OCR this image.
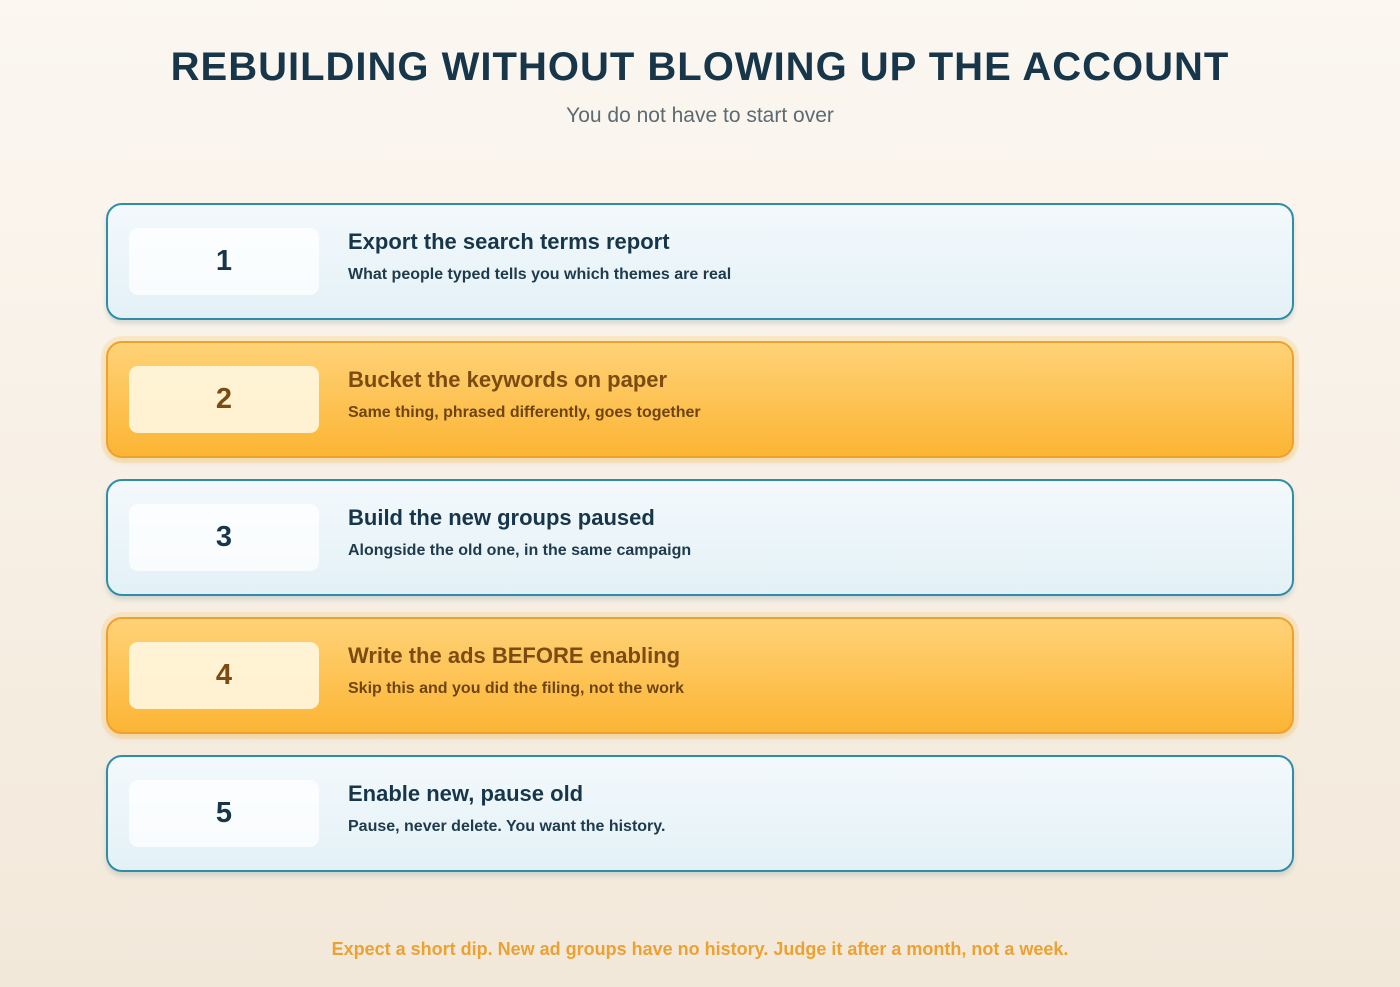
REBUILDING WITHOUT BLOWING UP THE ACCOUNT

You do not have to start over

1
Export the search terms report
What people typed tells you which themes are real
2
Bucket the keywords on paper
Same thing, phrased differently, goes together
3
Build the new groups paused
Alongside the old one, in the same campaign
4
Write the ads BEFORE enabling
Skip this and you did the filing, not the work
5
Enable new, pause old
Pause, never delete. You want the history.

Expect a short dip. New ad groups have no history. Judge it after a month, not a week.
